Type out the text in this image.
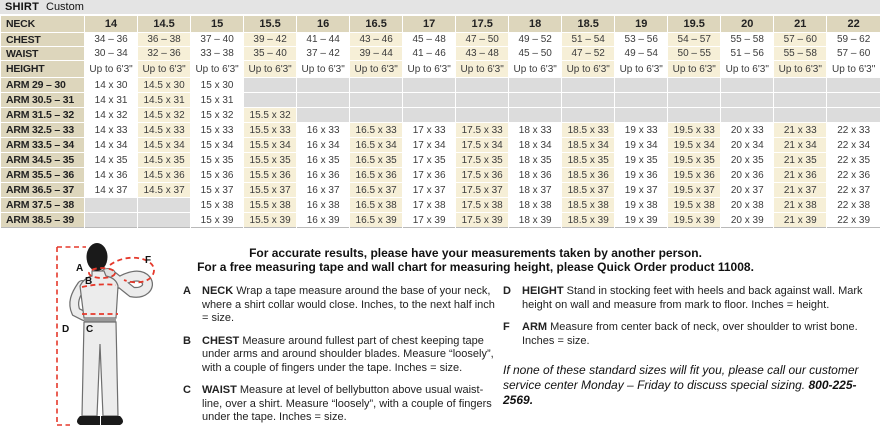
SHIRT Custom
NECK	14	14.5	15	15.5	16	16.5	17	17.5	18	18.5	19	19.5	20	21	22
CHEST	34 – 36	36 – 38	37 – 40	39 – 42	41 – 44	43 – 46	45 – 48	47 – 50	49 – 52	51 – 54	53 – 56	54 – 57	55 – 58	57 – 60	59 – 62
WAIST	30 – 34	32 – 36	33 – 38	35 – 40	37 – 42	39 – 44	41 – 46	43 – 48	45 – 50	47 – 52	49 – 54	50 – 55	51 – 56	55 – 58	57 – 60
HEIGHT	Up to 6'3"	Up to 6'3"	Up to 6'3"	Up to 6'3"	Up to 6'3"	Up to 6'3"	Up to 6'3"	Up to 6'3"	Up to 6'3"	Up to 6'3"	Up to 6'3"	Up to 6'3"	Up to 6'3"	Up to 6'3"	Up to 6'3"
ARM 29 – 30	14 x 30	14.5 x 30	15 x 30												
ARM 30.5 – 31	14 x 31	14.5 x 31	15 x 31												
ARM 31.5 – 32	14 x 32	14.5 x 32	15 x 32	15.5 x 32											
ARM 32.5 – 33	14 x 33	14.5 x 33	15 x 33	15.5 x 33	16 x 33	16.5 x 33	17 x 33	17.5 x 33	18 x 33	18.5 x 33	19 x 33	19.5 x 33	20 x 33	21 x 33	22 x 33
ARM 33.5 – 34	14 x 34	14.5 x 34	15 x 34	15.5 x 34	16 x 34	16.5 x 34	17 x 34	17.5 x 34	18 x 34	18.5 x 34	19 x 34	19.5 x 34	20 x 34	21 x 34	22 x 34
ARM 34.5 – 35	14 x 35	14.5 x 35	15 x 35	15.5 x 35	16 x 35	16.5 x 35	17 x 35	17.5 x 35	18 x 35	18.5 x 35	19 x 35	19.5 x 35	20 x 35	21 x 35	22 x 35
ARM 35.5 – 36	14 x 36	14.5 x 36	15 x 36	15.5 x 36	16 x 36	16.5 x 36	17 x 36	17.5 x 36	18 x 36	18.5 x 36	19 x 36	19.5 x 36	20 x 36	21 x 36	22 x 36
ARM 36.5 – 37	14 x 37	14.5 x 37	15 x 37	15.5 x 37	16 x 37	16.5 x 37	17 x 37	17.5 x 37	18 x 37	18.5 x 37	19 x 37	19.5 x 37	20 x 37	21 x 37	22 x 37
ARM 37.5 – 38			15 x 38	15.5 x 38	16 x 38	16.5 x 38	17 x 38	17.5 x 38	18 x 38	18.5 x 38	19 x 38	19.5 x 38	20 x 38	21 x 38	22 x 38
ARM 38.5 – 39			15 x 39	15.5 x 39	16 x 39	16.5 x 39	17 x 39	17.5 x 39	18 x 39	18.5 x 39	19 x 39	19.5 x 39	20 x 39	21 x 39	22 x 39
A
B
C
D
F
For accurate results, please have your measurements taken by another person.
For a free measuring tape and wall chart for measuring height, please Quick Order product 11008.
A	NECK Wrap a tape measure around the base of your neck, where a shirt collar would close. Inches, to the next half inch = size.
B	CHEST Measure around fullest part of chest keeping tape under arms and around shoulder blades. Measure “loosely”, with a couple of fingers under the tape. Inches = size.
C	WAIST Measure at level of bellybutton above usual waist-line, over a shirt. Measure “loosely”, with a couple of fingers under the tape. Inches = size.
D	HEIGHT Stand in stocking feet with heels and back against wall. Mark height on wall and measure from mark to floor. Inches = height.
F	ARM Measure from center back of neck, over shoulder to wrist bone. Inches = size.
If none of these standard sizes will fit you, please call our customer service center Monday – Friday to discuss special sizing. 800-225-2569.
